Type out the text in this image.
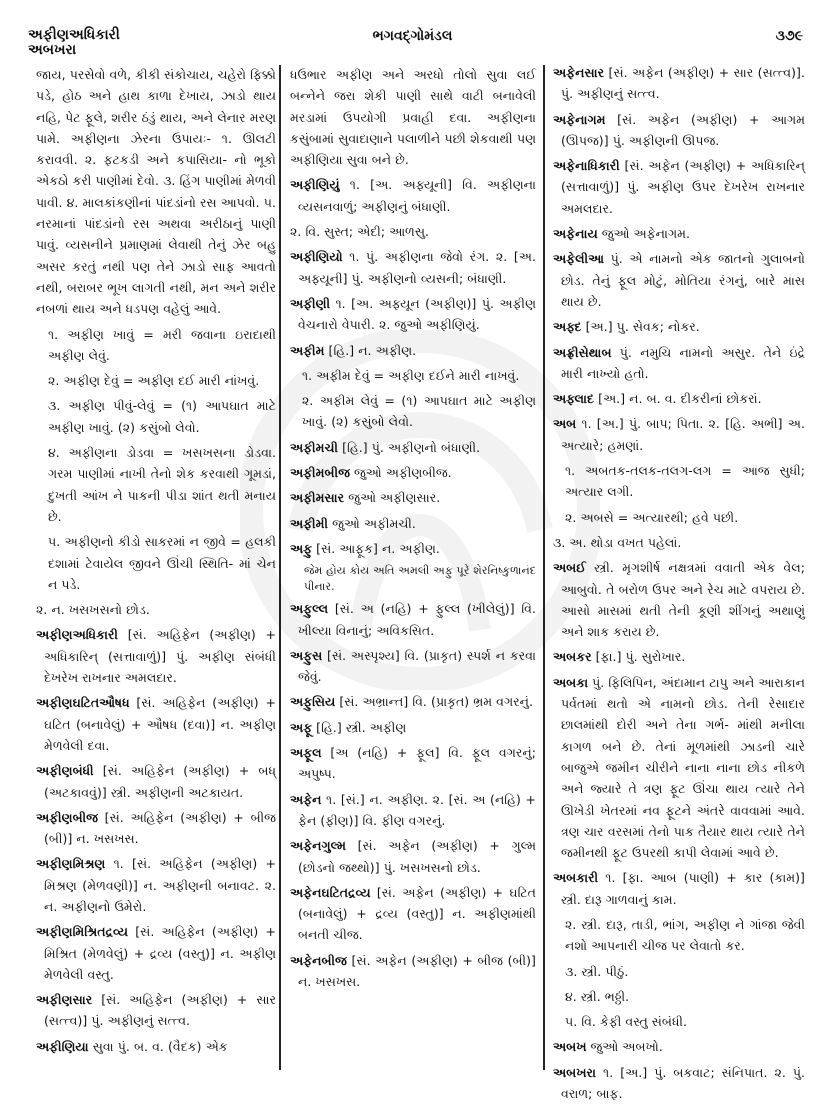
અફીણઅધિકારી
અબખરા
ભગવદ્ગોમંડલ	૩૭૯

જાય, પરસેવો વળે, કીકી સંકોચાય, ચહેરો ફિક્કો પડે, હોઠ અને હાથ કાળા દેખાય, ઝાડો થાય નહિ, પેટ ફૂલે, શરીર ઠંડું થાય, અને લેનાર મરણ પામે. અફીણના ઝેરના ઉપાયઃ- ૧. ઊલટી કરાવવી. ૨. ફટકડી અને કપાસિયા- નો ભૂકો એકઠો કરી પાણીમાં દેવો. ૩. હિંગ પાણીમાં મેળવી પાવી. ૪. માલકાંકણીનાં પાંદડાંનો રસ આપવો. ૫. નરમાનાં પાંદડાંનો રસ અથવા અરીઠાનું પાણી પાવું. વ્યસનીને પ્રમાણમાં લેવાથી તેનું ઝેર બહુ અસર કરતું નથી પણ તેને ઝાડો સાફ આવતો નથી, બરાબર ભૂખ લાગતી નથી, મન અને શરીર નબળાં થાય અને ધડપણ વહેલું આવે.

૧. અફીણ ખાવું = મરી જવાના ઇરાદાથી અફીણ લેવું.

૨. અફીણ દેવું = અફીણ દઈ મારી નાંખવું.

૩. અફીણ પીવું-લેવું = (૧) આપઘાત માટે અફીણ ખાવું. (૨) કસુંબો લેવો.

૪. અફીણના ડોડવા = ખસખસના ડોડવા. ગરમ પાણીમાં નાખી તેનો શેક કરવાથી ગૂમડાં, દુખતી આંખ ને પાકની પીડા શાંત થતી મનાય છે.

૫. અફીણનો કીડો સાકરમાં ન જીવે = હલકી દશામાં ટેવાયેલ જીવને ઊંચી સ્થિતિ- માં ચેન ન પડે.

૨. ન. ખસખસનો છોડ.

અફીણઅધિકારી [સં. અહિફેન (અફીણ) + અધિકારિન્ (સત્તાવાળું)] પું. અફીણ સંબંધી દેખરેખ રાખનાર અમલદાર.

અફીણઘટિતઔષધ [સં. અહિફેન (અફીણ) + ઘટિત (બનાવેલું) + ઔષધ (દવા)] ન. અફીણ મેળવેલી દવા.

અફીણબંધી [સં. અહિફેન (અફીણ) + બધ્ (અટકાવવું)] સ્ત્રી. અફીણની અટકાયત.

અફીણબીજ [સં. અહિફેન (અફીણ) + બીજ (બી)] ન. ખસખસ.

અફીણમિશ્રણ ૧. [સં. અહિફેન (અફીણ) + મિશ્રણ (મેળવણી)] ન. અફીણની બનાવટ. ૨. ન. અફીણનો ઉમેરો.

અફીણમિશ્રિતદ્રવ્ય [સં. અહિફેન (અફીણ) + મિશ્રિત (મેળવેલું) + દ્રવ્ય (વસ્તુ)] ન. અફીણ મેળવેલી વસ્તુ.

અફીણસાર [સં. અહિફેન (અફીણ) + સાર (સત્ત્વ)] પું. અફીણનું સત્ત્વ.

અફીણિયા સુવા પું. બ. વ. (વૈદક) એક

ધઉભાર અફીણ અને અરધો તોલો સુવા લઈ બન્નેને જરા શેકી પાણી સાથે વાટી બનાવેલી મરડામાં ઉપયોગી પ્રવાહી દવા. અફીણના કસુંબામાં સુવાદાણાને પલાળીને પછી શેકવાથી પણ અફીણિયા સુવા બને છે.

અફીણિયું ૧. [અ. અફ્યૂની] વિ. અફીણના વ્યસનવાળું; અફીણનું બંધાણી.

૨. વિ. સુસ્ત; એદી; આળસુ.

અફીણિયો ૧. પું. અફીણના જેવો રંગ. ૨. [અ. અફ્યૂની] પું. અફીણનો વ્યસની; બંધાણી.

અફીણી ૧. [અ. અફ્યૂન (અફીણ)] પું. અફીણ વેચનારો વેપારી. ૨. જુઓ અફીણિયું.

અફીમ [હિ.] ન. અફીણ.

૧. અફીમ દેવું = અફીણ દઈને મારી નાખવું.

૨. અફીમ લેવું = (૧) આપઘાત માટે અફીણ ખાવું. (૨) કસુંબો લેવો.

અફીમચી [હિ.] પું. અફીણનો બંધાણી.

અફીમબીજ જુઓ અફીણબીજ.

અફીમસાર જુઓ અફીણસાર.

અફીમી જુઓ અફીમચી.

અફુ [સં. આફૂક] ન. અફીણ.

નિષ્કુળાનંદ
જેમ હોય કોય અતિ અમલી અફુ પૂરે શેર પીનાર.

અફુલ્લ [સં. અ (નહિ) + ફુલ્લ (ખીલેલું)] વિ. ખીલ્યા વિનાનું; અવિકસિત.

અફુસ [સં. અસ્પૃશ્ય] વિ. (પ્રાકૃત) સ્પર્શ ન કરવા જેવું.

અફુસિય [સં. અભ્રાન્ત] વિ. (પ્રાકૃત) ભ્રમ વગરનું.

અફૂ [હિ.] સ્ત્રી. અફીણ

અફૂલ [અ (નહિ) + ફૂલ] વિ. ફૂલ વગરનું; અપુષ્પ.

અફેન ૧. [સં.] ન. અફીણ. ૨. [સં. અ (નહિ) + ફેન (ફીણ)] વિ. ફીણ વગરનું.

અફેનગુલ્મ [સં. અફેન (અફીણ) + ગુલ્મ (છોડનો જથ્થો)] પું. ખસખસનો છોડ.

અફેનઘટિતદ્રવ્ય [સં. અફેન (અફીણ) + ઘટિત (બનાવેલું) + દ્રવ્ય (વસ્તુ)] ન. અફીણમાંથી બનતી ચીજ.

અફેનબીજ [સં. અફેન (અફીણ) + બીજ (બી)] ન. ખસખસ.

અફેનસાર [સં. અફેન (અફીણ) + સાર (સત્ત્વ)]. પું. અફીણનું સત્ત્વ.

અફેનાગમ [સં. અફેન (અફીણ) + આગમ (ઊપજ)] પું. અફીણની ઊપજ.

અફેનાધિકારી [સં. અફેન (અફીણ) + અધિકારિન્ (સત્તાવાળું)] પું. અફીણ ઉપર દેખરેખ રાખનાર અમલદાર.

અફેનાય જુઓ અફેનાગમ.

અફેલીઆ પું. એ નામનો એક જાતનો ગુલાબનો છોડ. તેનું ફૂલ મોટું, મોતિયા રંગનું, બારે માસ થાય છે.

અફ્દ [અ.] પુ. સેવક; નોકર.

અફ્રીસેથાબ પું. નમુચિ નામનો અસુર. તેને ઇંદ્રે મારી નાખ્યો હતો.

અફ્લાદ [અ.] ન. બ. વ. દીકરીનાં છોકરાં.

અબ ૧. [અ.] પું. બાપ; પિતા. ૨. [હિ. અભી] અ. અત્યારે; હમણાં.

૧. અબતક-તલક-તલગ-લગ = આજ સુધી; અત્યાર લગી.

૨. અબસે = અત્યારથી; હવે પછી.

૩. અ. થોડા વખત પહેલાં.

અબઈ સ્ત્રી. મૃગશીર્ષ નક્ષત્રમાં વવાતી એક વેલ; આબુવો. તે બરોળ ઉપર અને રેચ માટે વપરાય છે. આસો માસમાં થતી તેની કૂણી શીંગનું અથાણું અને શાક કરાય છે.

અબકર [ફા.] પું. સુરોખાર.

અબકા પું. ફિલિપિન, અંદામાન ટાપુ અને આરાકાન પર્વતમાં થતો એ નામનો છોડ. તેની રેસાદાર છાલમાંથી દોરી અને તેના ગર્ભ- માંથી મનીલા કાગળ બને છે. તેનાં મૂળમાંથી ઝાડની ચારે બાજુએ જમીન ચીરીને નાના નાના છોડ નીકળે અને જ્યારે તે ત્રણ ફૂટ ઊંચા થાય ત્યારે તેને ઊખેડી ખેતરમાં નવ ફૂટને અંતરે વાવવામાં આવે. ત્રણ ચાર વરસમાં તેનો પાક તૈયાર થાય ત્યારે તેને જમીનથી ફૂટ ઉપરથી કાપી લેવામાં આવે છે.

અબકારી ૧. [ફા. આબ (પાણી) + કાર (કામ)] સ્ત્રી. દારૂ ગાળવાનું કામ.

૨. સ્ત્રી. દારૂ, તાડી, ભાંગ, અફીણ ને ગાંજા જેવી નશો આપનારી ચીજ પર લેવાતો કર.

૩. સ્ત્રી. પીઠું.

૪. સ્ત્રી. ભઠ્ઠી.

૫. વિ. કેફી વસ્તુ સંબંધી.

અબખ જુઓ અબખો.

અબખરા ૧. [અ.] પું. બકવાટ; સંનિપાત. ૨. પું. વરાળ; બાફ.
